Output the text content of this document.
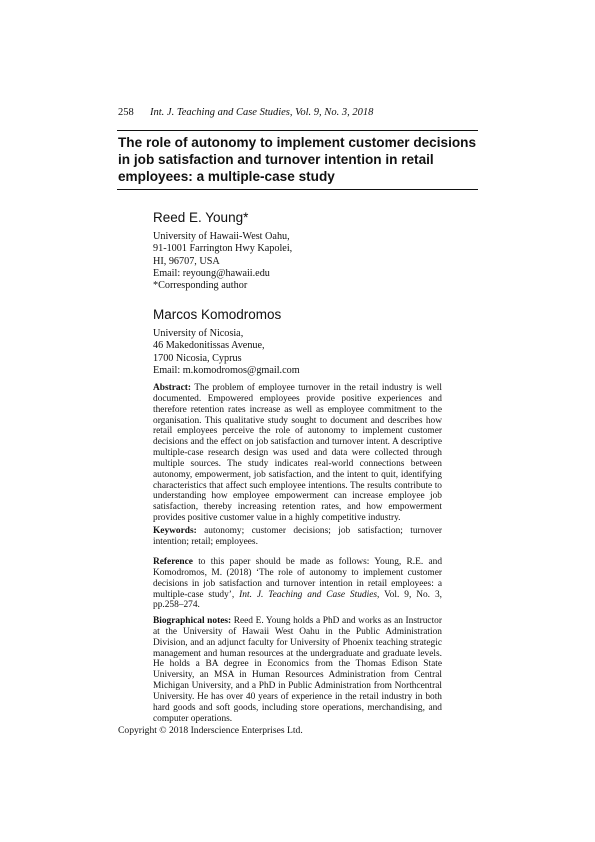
258 Int. J. Teaching and Case Studies, Vol. 9, No. 3, 2018
The role of autonomy to implement customer decisions in job satisfaction and turnover intention in retail employees: a multiple-case study
Reed E. Young*
University of Hawaii-West Oahu,
91-1001 Farrington Hwy Kapolei,
HI, 96707, USA
Email: reyoung@hawaii.edu
*Corresponding author
Marcos Komodromos
University of Nicosia,
46 Makedonitissas Avenue,
1700 Nicosia, Cyprus
Email: m.komodromos@gmail.com

Abstract: The problem of employee turnover in the retail industry is well documented. Empowered employees provide positive experiences and therefore retention rates increase as well as employee commitment to the organisation. This qualitative study sought to document and describes how retail employees perceive the role of autonomy to implement customer decisions and the effect on job satisfaction and turnover intent. A descriptive multiple-case research design was used and data were collected through multiple sources. The study indicates real-world connections between autonomy, empowerment, job satisfaction, and the intent to quit, identifying characteristics that affect such employee intentions. The results contribute to understanding how employee empowerment can increase employee job satisfaction, thereby increasing retention rates, and how empowerment provides positive customer value in a highly competitive industry.

Keywords: autonomy; customer decisions; job satisfaction; turnover intention; retail; employees.

Reference to this paper should be made as follows: Young, R.E. and Komodromos, M. (2018) ‘The role of autonomy to implement customer decisions in job satisfaction and turnover intention in retail employees: a multiple-case study’, Int. J. Teaching and Case Studies, Vol. 9, No. 3, pp.258–274.

Biographical notes: Reed E. Young holds a PhD and works as an Instructor at the University of Hawaii West Oahu in the Public Administration Division, and an adjunct faculty for University of Phoenix teaching strategic management and human resources at the undergraduate and graduate levels. He holds a BA degree in Economics from the Thomas Edison State University, an MSA in Human Resources Administration from Central Michigan University, and a PhD in Public Administration from Northcentral University. He has over 40 years of experience in the retail industry in both hard goods and soft goods, including store operations, merchandising, and computer operations.

Copyright © 2018 Inderscience Enterprises Ltd.
